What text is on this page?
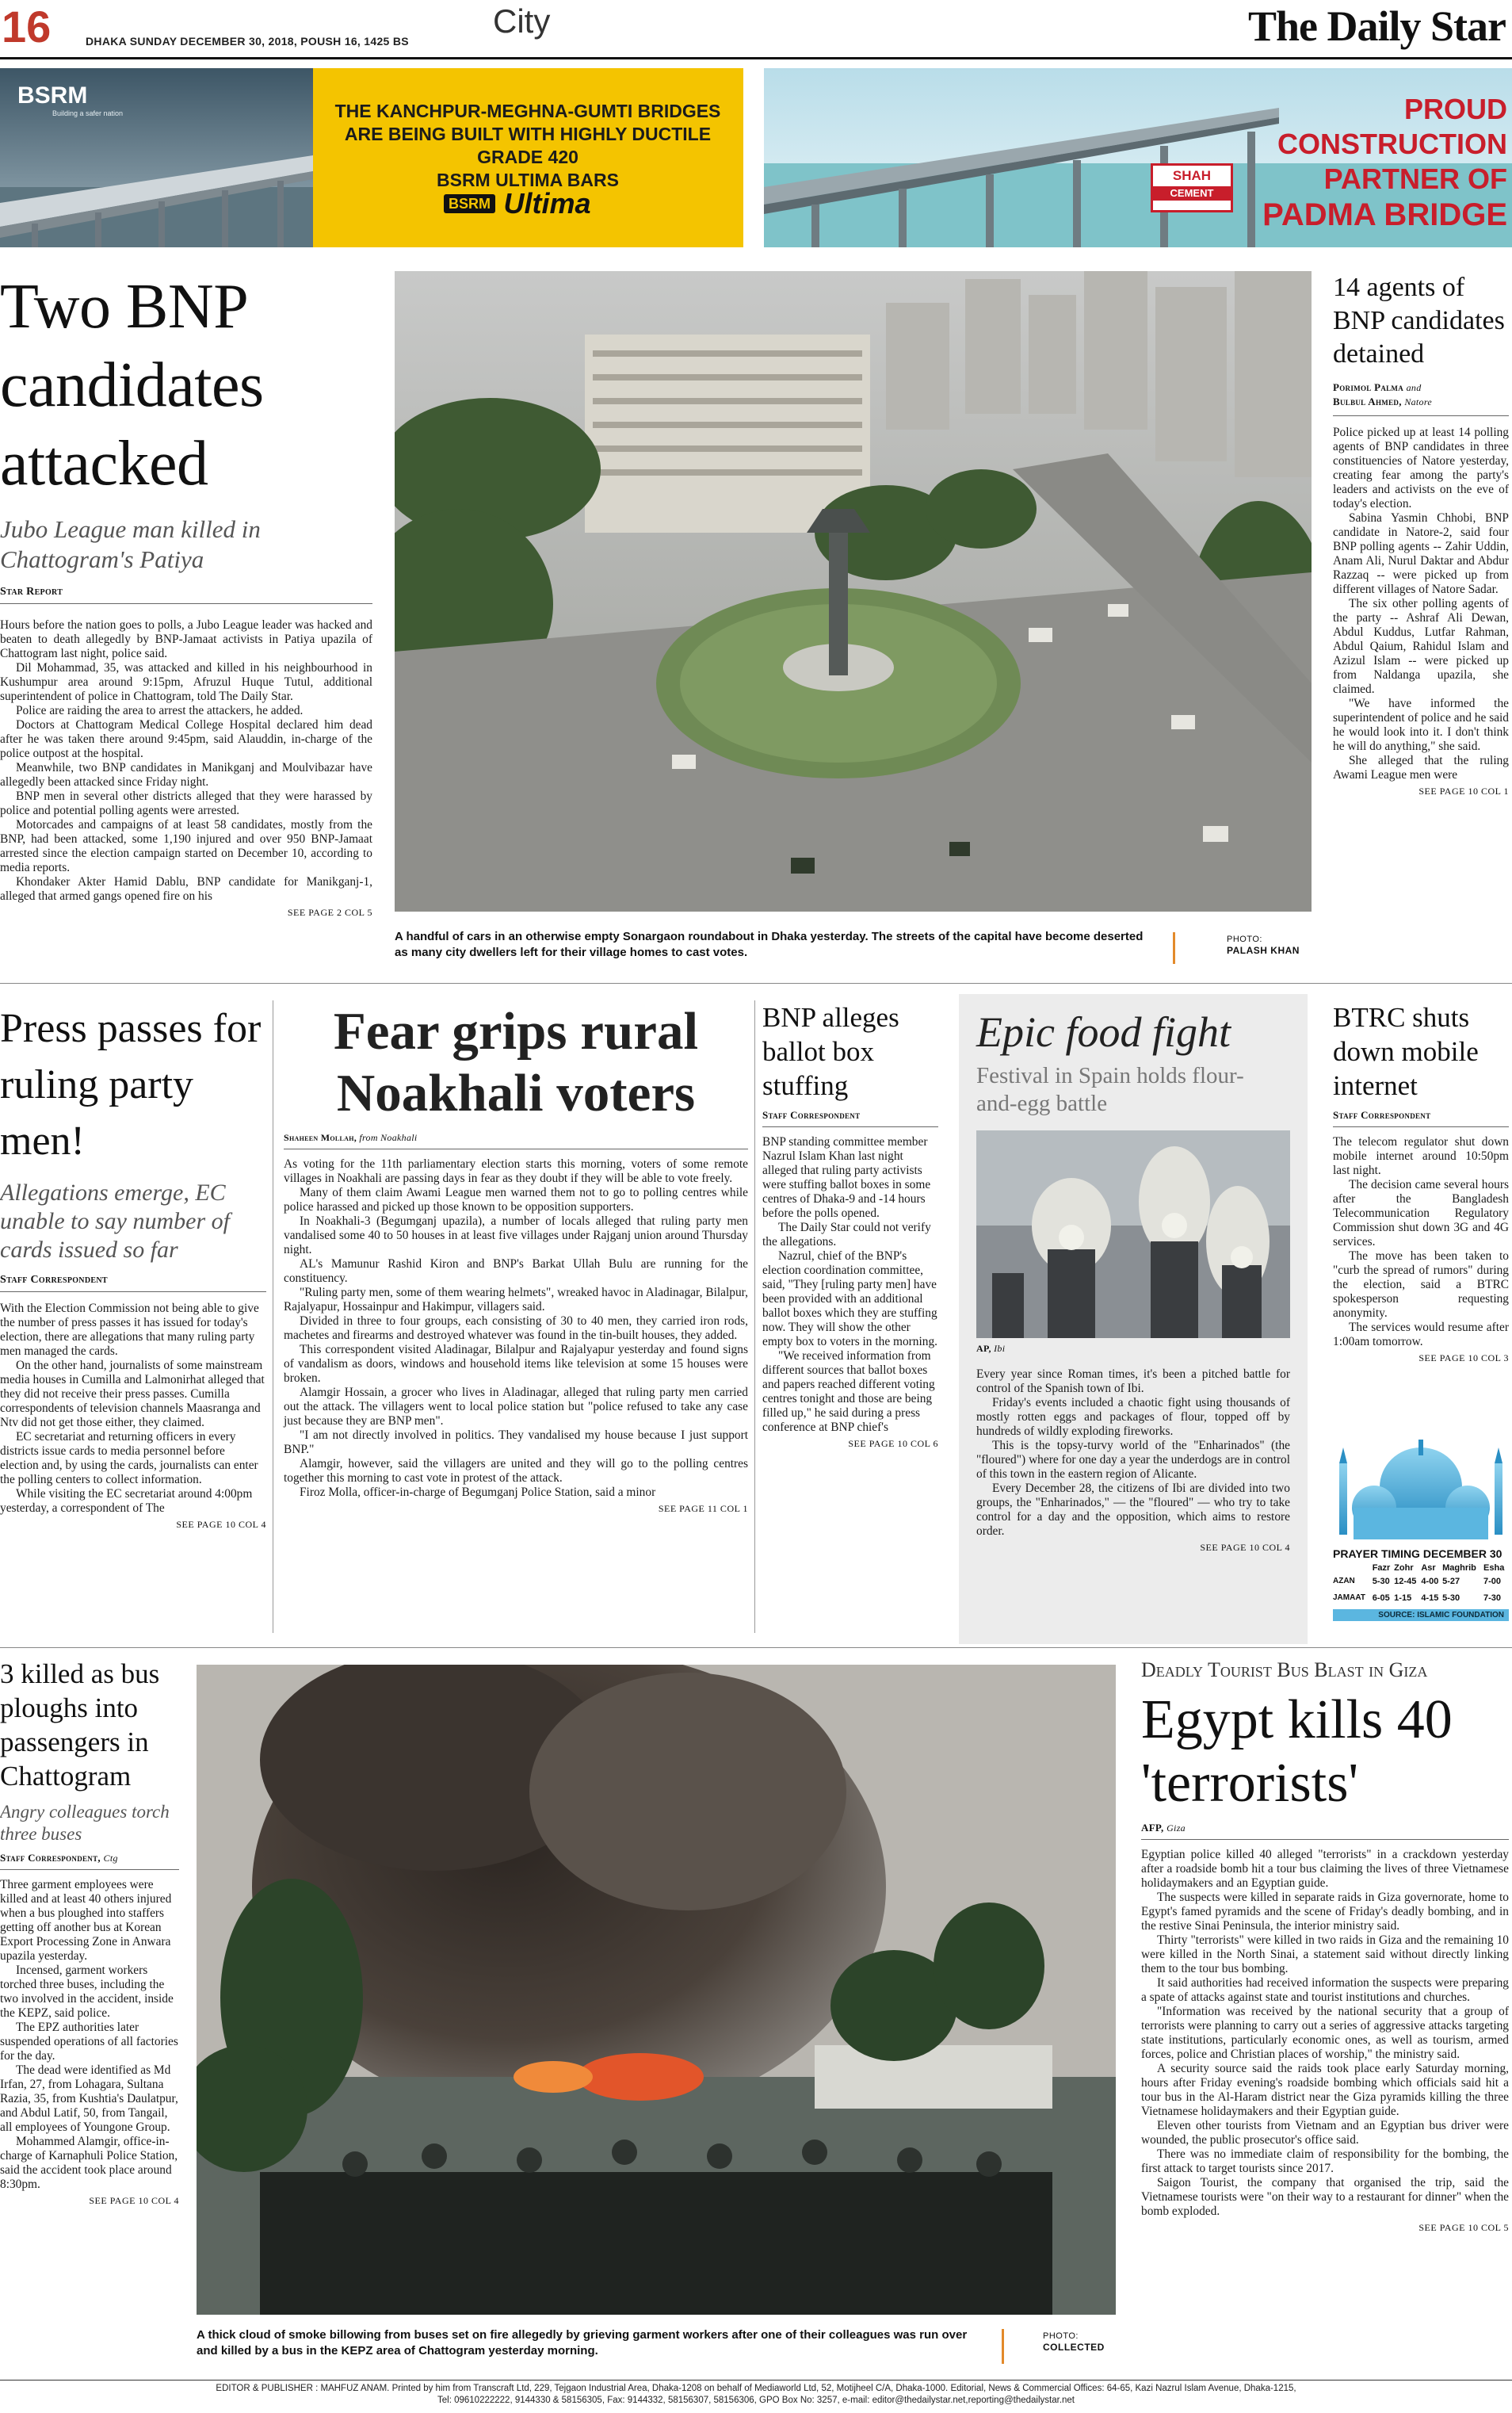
16	DHAKA SUNDAY DECEMBER 30, 2018, POUSH 16, 1425 BS
City	The Daily Star
BSRM
Building a safer nation	THE KANCHPUR-MEGHNA-GUMTI BRIDGES
ARE BEING BUILT WITH HIGHLY DUCTILE GRADE 420
BSRM ULTIMA BARS
BSRM Ultima
SHAH
CEMENT
PROUD
CONSTRUCTION
PARTNER OF
PADMA BRIDGE
Two BNP candidates attacked
Jubo League man killed in Chattogram's Patiya
Star Report

Hours before the nation goes to polls, a Jubo League leader was hacked and beaten to death allegedly by BNP-Jamaat activists in Patiya upazila of Chattogram last night, police said.

Dil Mohammad, 35, was attacked and killed in his neighbourhood in Kushumpur area around 9:15pm, Afruzul Huque Tutul, additional superintendent of police in Chattogram, told The Daily Star.

Police are raiding the area to arrest the attackers, he added.

Doctors at Chattogram Medical College Hospital declared him dead after he was taken there around 9:45pm, said Alauddin, in-charge of the police outpost at the hospital.

Meanwhile, two BNP candidates in Manikganj and Moulvibazar have allegedly been attacked since Friday night.

BNP men in several other districts alleged that they were harassed by police and potential polling agents were arrested.

Motorcades and campaigns of at least 58 candidates, mostly from the BNP, had been attacked, some 1,190 injured and over 950 BNP-Jamaat arrested since the election campaign started on December 10, according to media reports.

Khondaker Akter Hamid Dablu, BNP candidate for Manikganj-1, alleged that armed gangs opened fire on his

SEE PAGE 2 COL 5
A handful of cars in an otherwise empty Sonargaon roundabout in Dhaka yesterday. The streets of the capital have become deserted as many city dwellers left for their village homes to cast votes.
PHOTO:
PALASH KHAN
14 agents of BNP candidates detained
Porimol Palma and
Bulbul Ahmed, Natore

Police picked up at least 14 polling agents of BNP candidates in three constituencies of Natore yesterday, creating fear among the party's leaders and activists on the eve of today's election.

Sabina Yasmin Chhobi, BNP candidate in Natore-2, said four BNP polling agents -- Zahir Uddin, Anam Ali, Nurul Daktar and Abdur Razzaq -- were picked up from different villages of Natore Sadar.

The six other polling agents of the party -- Ashraf Ali Dewan, Abdul Kuddus, Lutfar Rahman, Abdul Qaium, Rahidul Islam and Azizul Islam -- were picked up from Naldanga upazila, she claimed.

"We have informed the superintendent of police and he said he would look into it. I don't think he will do anything," she said.

She alleged that the ruling Awami League men were

SEE PAGE 10 COL 1
Press passes for ruling party men!
Allegations emerge, EC unable to say number of cards issued so far
Staff Correspondent

With the Election Commission not being able to give the number of press passes it has issued for today's election, there are allegations that many ruling party men managed the cards.

On the other hand, journalists of some mainstream media houses in Cumilla and Lalmonirhat alleged that they did not receive their press passes. Cumilla correspondents of television channels Maasranga and Ntv did not get those either, they claimed.

EC secretariat and returning officers in every districts issue cards to media personnel before election and, by using the cards, journalists can enter the polling centers to collect information.

While visiting the EC secretariat around 4:00pm yesterday, a correspondent of The

SEE PAGE 10 COL 4
Fear grips rural Noakhali voters
Shaheen Mollah, from Noakhali

As voting for the 11th parliamentary election starts this morning, voters of some remote villages in Noakhali are passing days in fear as they doubt if they will be able to vote freely.

Many of them claim Awami League men warned them not to go to polling centres while police harassed and picked up those known to be opposition supporters.

In Noakhali-3 (Begumganj upazila), a number of locals alleged that ruling party men vandalised some 40 to 50 houses in at least five villages under Rajganj union around Thursday night.

AL's Mamunur Rashid Kiron and BNP's Barkat Ullah Bulu are running for the constituency.

"Ruling party men, some of them wearing helmets", wreaked havoc in Aladinagar, Bilalpur, Rajalyapur, Hossainpur and Hakimpur, villagers said.

Divided in three to four groups, each consisting of 30 to 40 men, they carried iron rods, machetes and firearms and destroyed whatever was found in the tin-built houses, they added.

This correspondent visited Aladinagar, Bilalpur and Rajalyapur yesterday and found signs of vandalism as doors, windows and household items like television at some 15 houses were broken.

Alamgir Hossain, a grocer who lives in Aladinagar, alleged that ruling party men carried out the attack. The villagers went to local police station but "police refused to take any case just because they are BNP men".

"I am not directly involved in politics. They vandalised my house because I just support BNP."

Alamgir, however, said the villagers are united and they will go to the polling centres together this morning to cast vote in protest of the attack.

Firoz Molla, officer-in-charge of Begumganj Police Station, said a minor

SEE PAGE 11 COL 1
BNP alleges ballot box stuffing
Staff Correspondent

BNP standing committee member Nazrul Islam Khan last night alleged that ruling party activists were stuffing ballot boxes in some centres of Dhaka-9 and -14 hours before the polls opened.

The Daily Star could not verify the allegations.

Nazrul, chief of the BNP's election coordination committee, said, "They [ruling party men] have been provided with an additional ballot boxes which they are stuffing now. They will show the other empty box to voters in the morning.

"We received information from different sources that ballot boxes and papers reached different voting centres tonight and those are being filled up," he said during a press conference at BNP chief's

SEE PAGE 10 COL 6
Epic food fight
Festival in Spain holds flour-and-egg battle
AP, Ibi

Every year since Roman times, it's been a pitched battle for control of the Spanish town of Ibi.

Friday's events included a chaotic fight using thousands of mostly rotten eggs and packages of flour, topped off by hundreds of wildly exploding fireworks.

This is the topsy-turvy world of the "Enharinados" (the "floured") where for one day a year the underdogs are in control of this town in the eastern region of Alicante.

Every December 28, the citizens of Ibi are divided into two groups, the "Enharinados," — the "floured" — who try to take control for a day and the opposition, which aims to restore order.

SEE PAGE 10 COL 4
BTRC shuts down mobile internet
Staff Correspondent

The telecom regulator shut down mobile internet around 10:50pm last night.

The decision came several hours after the Bangladesh Telecommunication Regulatory Commission shut down 3G and 4G services.

The move has been taken to "curb the spread of rumors" during the election, said a BTRC spokesperson requesting anonymity.

The services would resume after 1:00am tomorrow.

SEE PAGE 10 COL 3
PRAYER TIMING DECEMBER 30
	Fazr	Zohr	Asr	Maghrib	Esha
AZAN	5-30	12-45	4-00	5-27	7-00
JAMAAT	6-05	1-15	4-15	5-30	7-30
SOURCE: ISLAMIC FOUNDATION
3 killed as bus ploughs into passengers in Chattogram
Angry colleagues torch three buses
Staff Correspondent, Ctg

Three garment employees were killed and at least 40 others injured when a bus ploughed into staffers getting off another bus at Korean Export Processing Zone in Anwara upazila yesterday.

Incensed, garment workers torched three buses, including the two involved in the accident, inside the KEPZ, said police.

The EPZ authorities later suspended operations of all factories for the day.

The dead were identified as Md Irfan, 27, from Lohagara, Sultana Razia, 35, from Kushtia's Daulatpur, and Abdul Latif, 50, from Tangail, all employees of Youngone Group.

Mohammed Alamgir, office-in-charge of Karnaphuli Police Station, said the accident took place around 8:30pm.

SEE PAGE 10 COL 4
A thick cloud of smoke billowing from buses set on fire allegedly by grieving garment workers after one of their colleagues was run over and killed by a bus in the KEPZ area of Chattogram yesterday morning.
PHOTO:
COLLECTED
Deadly Tourist Bus Blast in Giza
Egypt kills 40 'terrorists'
AFP, Giza

Egyptian police killed 40 alleged "terrorists" in a crackdown yesterday after a roadside bomb hit a tour bus claiming the lives of three Vietnamese holidaymakers and an Egyptian guide.

The suspects were killed in separate raids in Giza governorate, home to Egypt's famed pyramids and the scene of Friday's deadly bombing, and in the restive Sinai Peninsula, the interior ministry said.

Thirty "terrorists" were killed in two raids in Giza and the remaining 10 were killed in the North Sinai, a statement said without directly linking them to the tour bus bombing.

It said authorities had received information the suspects were preparing a spate of attacks against state and tourist institutions and churches.

"Information was received by the national security that a group of terrorists were planning to carry out a series of aggressive attacks targeting state institutions, particularly economic ones, as well as tourism, armed forces, police and Christian places of worship," the ministry said.

A security source said the raids took place early Saturday morning, hours after Friday evening's roadside bombing which officials said hit a tour bus in the Al-Haram district near the Giza pyramids killing the three Vietnamese holidaymakers and their Egyptian guide.

Eleven other tourists from Vietnam and an Egyptian bus driver were wounded, the public prosecutor's office said.

There was no immediate claim of responsibility for the bombing, the first attack to target tourists since 2017.

Saigon Tourist, the company that organised the trip, said the Vietnamese tourists were "on their way to a restaurant for dinner" when the bomb exploded.

SEE PAGE 10 COL 5
EDITOR & PUBLISHER : MAHFUZ ANAM. Printed by him from Transcraft Ltd, 229, Tejgaon Industrial Area, Dhaka-1208 on behalf of Mediaworld Ltd, 52, Motijheel C/A, Dhaka-1000. Editorial, News & Commercial Offices: 64-65, Kazi Nazrul Islam Avenue, Dhaka-1215,
Tel: 09610222222, 9144330 & 58156305, Fax: 9144332, 58156307, 58156306, GPO Box No: 3257, e-mail: editor@thedailystar.net,reporting@thedailystar.net
